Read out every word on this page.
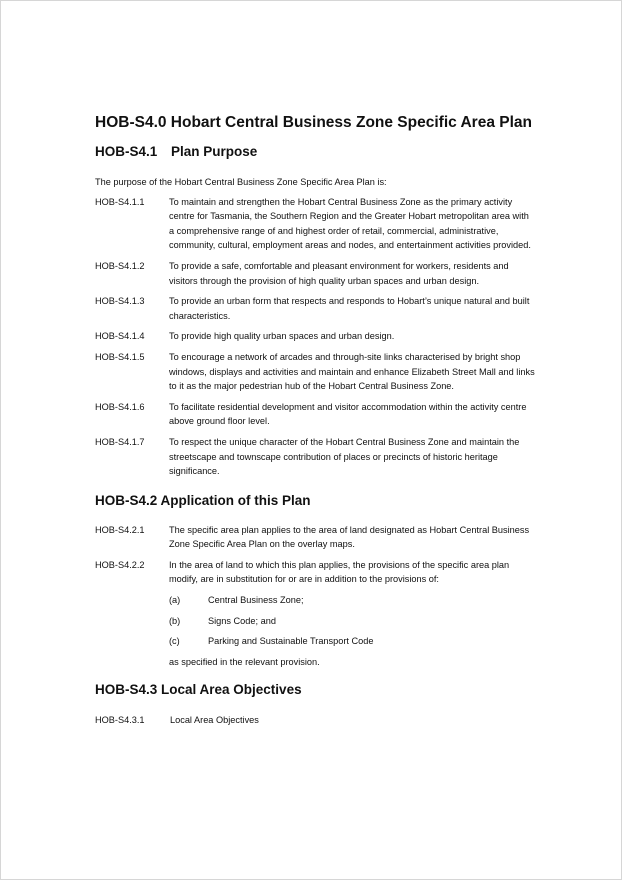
HOB-S4.0 Hobart Central Business Zone Specific Area Plan
HOB-S4.1 Plan Purpose

The purpose of the Hobart Central Business Zone Specific Area Plan is:

HOB-S4.1.1	To maintain and strengthen the Hobart Central Business Zone as the primary activity centre for Tasmania, the Southern Region and the Greater Hobart metropolitan area with a comprehensive range of and highest order of retail, commercial, administrative, community, cultural, employment areas and nodes, and entertainment activities provided.
HOB-S4.1.2	To provide a safe, comfortable and pleasant environment for workers, residents and visitors through the provision of high quality urban spaces and urban design.
HOB-S4.1.3	To provide an urban form that respects and responds to Hobart’s unique natural and built characteristics.
HOB-S4.1.4	To provide high quality urban spaces and urban design.
HOB-S4.1.5	To encourage a network of arcades and through-site links characterised by bright shop windows, displays and activities and maintain and enhance Elizabeth Street Mall and links to it as the major pedestrian hub of the Hobart Central Business Zone.
HOB-S4.1.6	To facilitate residential development and visitor accommodation within the activity centre above ground floor level.
HOB-S4.1.7	To respect the unique character of the Hobart Central Business Zone and maintain the streetscape and townscape contribution of places or precincts of historic heritage significance.
HOB-S4.2 Application of this Plan
HOB-S4.2.1	The specific area plan applies to the area of land designated as Hobart Central Business Zone Specific Area Plan on the overlay maps.
HOB-S4.2.2	In the area of land to which this plan applies, the provisions of the specific area plan modify, are in substitution for or are in addition to the provisions of:
(a)	Central Business Zone;
(b)	Signs Code; and
(c)	Parking and Sustainable Transport Code
as specified in the relevant provision.
HOB-S4.3 Local Area Objectives
HOB-S4.3.1	Local Area Objectives
